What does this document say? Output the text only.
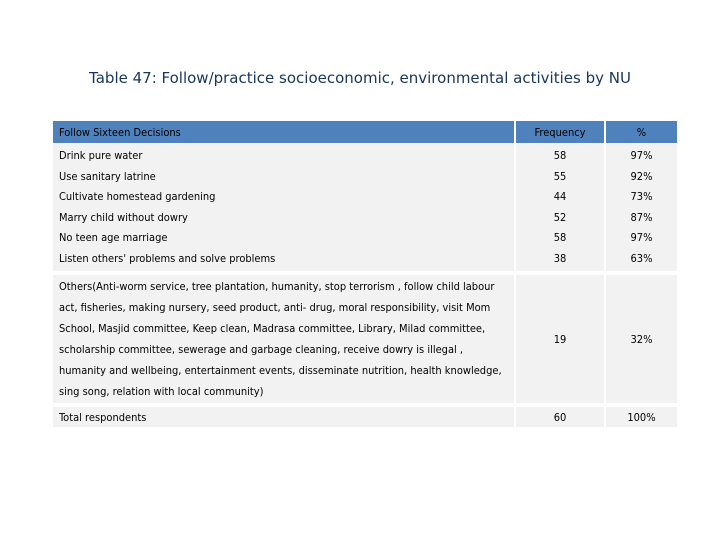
Table 47: Follow/practice socioeconomic, environmental activities by NU
Follow Sixteen Decisions	Frequency	%
Drink pure water	58	97%
Use sanitary latrine	55	92%
Cultivate homestead gardening	44	73%
Marry child without dowry	52	87%
No teen age marriage	58	97%
Listen others' problems and solve problems	38	63%

Others(Anti-worm service, tree plantation, humanity, stop terrorism , follow child labour act, fisheries, making nursery, seed product, anti- drug, moral responsibility, visit Mom School, Masjid committee, Keep clean, Madrasa committee, Library, Milad committee, scholarship committee, sewerage and garbage cleaning, receive dowry is illegal , humanity and wellbeing, entertainment events, disseminate nutrition, health knowledge, sing song, relation with local community)	19	32%

Total respondents	60	100%
